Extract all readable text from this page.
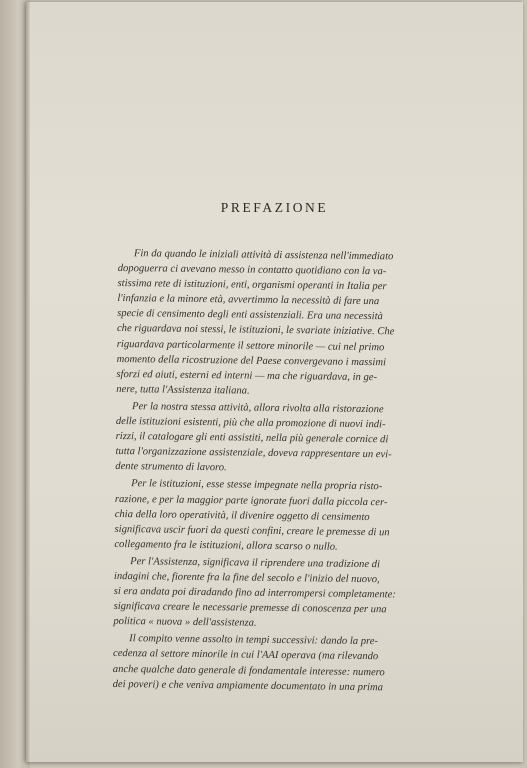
PREFAZIONE
Fin da quando le iniziali attività di assistenza nell'immediato
dopoguerra ci avevano messo in contatto quotidiano con la va-
stissima rete di istituzioni, enti, organismi operanti in Italia per
l'infanzia e la minore età, avvertimmo la necessità di fare una
specie di censimento degli enti assistenziali. Era una necessità
che riguardava noi stessi, le istituzioni, le svariate iniziative. Che
riguardava particolarmente il settore minorile — cui nel primo
momento della ricostruzione del Paese convergevano i massimi
sforzi ed aiuti, esterni ed interni — ma che riguardava, in ge-
nere, tutta l'Assistenza italiana.
Per la nostra stessa attività, allora rivolta alla ristorazione
delle istituzioni esistenti, più che alla promozione di nuovi indi-
rizzi, il catalogare gli enti assistiti, nella più generale cornice di
tutta l'organizzazione assistenziale, doveva rappresentare un evi-
dente strumento di lavoro.
Per le istituzioni, esse stesse impegnate nella propria risto-
razione, e per la maggior parte ignorate fuori dalla piccola cer-
chia della loro operatività, il divenire oggetto di censimento
significava uscir fuori da questi confini, creare le premesse di un
collegamento fra le istituzioni, allora scarso o nullo.
Per l'Assistenza, significava il riprendere una tradizione di
indagini che, fiorente fra la fine del secolo e l'inizio del nuovo,
si era andata poi diradando fino ad interrompersi completamente:
significava creare le necessarie premesse di conoscenza per una
politica « nuova » dell'assistenza.
Il compito venne assolto in tempi successivi: dando la pre-
cedenza al settore minorile in cui l'AAI operava (ma rilevando
anche qualche dato generale di fondamentale interesse: numero
dei poveri) e che veniva ampiamente documentato in una prima
